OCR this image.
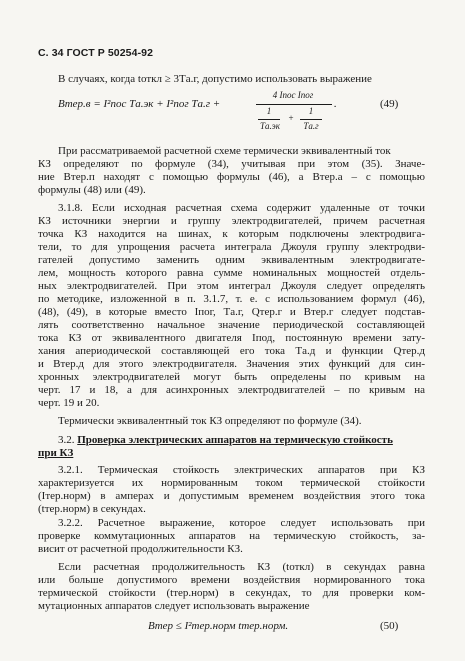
С. 34 ГОСТ Р 50254-92
В случаях, когда tоткл ≥ 3Tа.г, допустимо использовать выражение
Bтер.в = I²пос Tа.эк + I²пог Tа.г +
4 Iпос Iпог
1
Tа.эк
+
1
Tа.г
.	(49)
При рассматриваемой расчетной схеме термически эквивалентный ток
КЗ определяют по формуле (34), учитывая при этом (35). Значе-
ние Bтер.п находят с помощью формулы (46), а Bтер.а – с помощью
формулы (48) или (49).
3.1.8. Если исходная расчетная схема содержит удаленные от точки
КЗ источники энергии и группу электродвигателей, причем расчетная
точка КЗ находится на шинах, к которым подключены электродвига-
тели, то для упрощения расчета интеграла Джоуля группу электродви-
гателей допустимо заменить одним эквивалентным электродвигате-
лем, мощность которого равна сумме номинальных мощностей отдель-
ных электродвигателей. При этом интеграл Джоуля следует определять
по методике, изложенной в п. 3.1.7, т. е. с использованием формул (46),
(48), (49), в которые вместо Iпог, Tа.г, Qтер.г и Bтер.г следует подстав-
лять соответственно начальное значение периодической составляющей
тока КЗ от эквивалентного двигателя Iпод, постоянную времени зату-
хания апериодической составляющей его тока Tа.д и функции Qтер.д
и Bтер.д для этого электродвигателя. Значения этих функций для син-
хронных электродвигателей могут быть определены по кривым на
черт. 17 и 18, а для асинхронных электродвигателей – по кривым на
черт. 19 и 20.
Термически эквивалентный ток КЗ определяют по формуле (34).
3.2. Проверка электрических аппаратов на термическую стойкость
при КЗ
3.2.1. Термическая стойкость электрических аппаратов при КЗ
характеризуется их нормированным током термической стойкости
(Iтер.норм) в амперах и допустимым временем воздействия этого тока
(tтер.норм) в секундах.
3.2.2. Расчетное выражение, которое следует использовать при
проверке коммутационных аппаратов на термическую стойкость, за-
висит от расчетной продолжительности КЗ.
Если расчетная продолжительность КЗ (tоткл) в секундах равна
или больше допустимого времени воздействия нормированного тока
термической стойкости (tтер.норм) в секундах, то для проверки ком-
мутационных аппаратов следует использовать выражение
Bтер ≤ I²тер.норм tтер.норм.	(50)
